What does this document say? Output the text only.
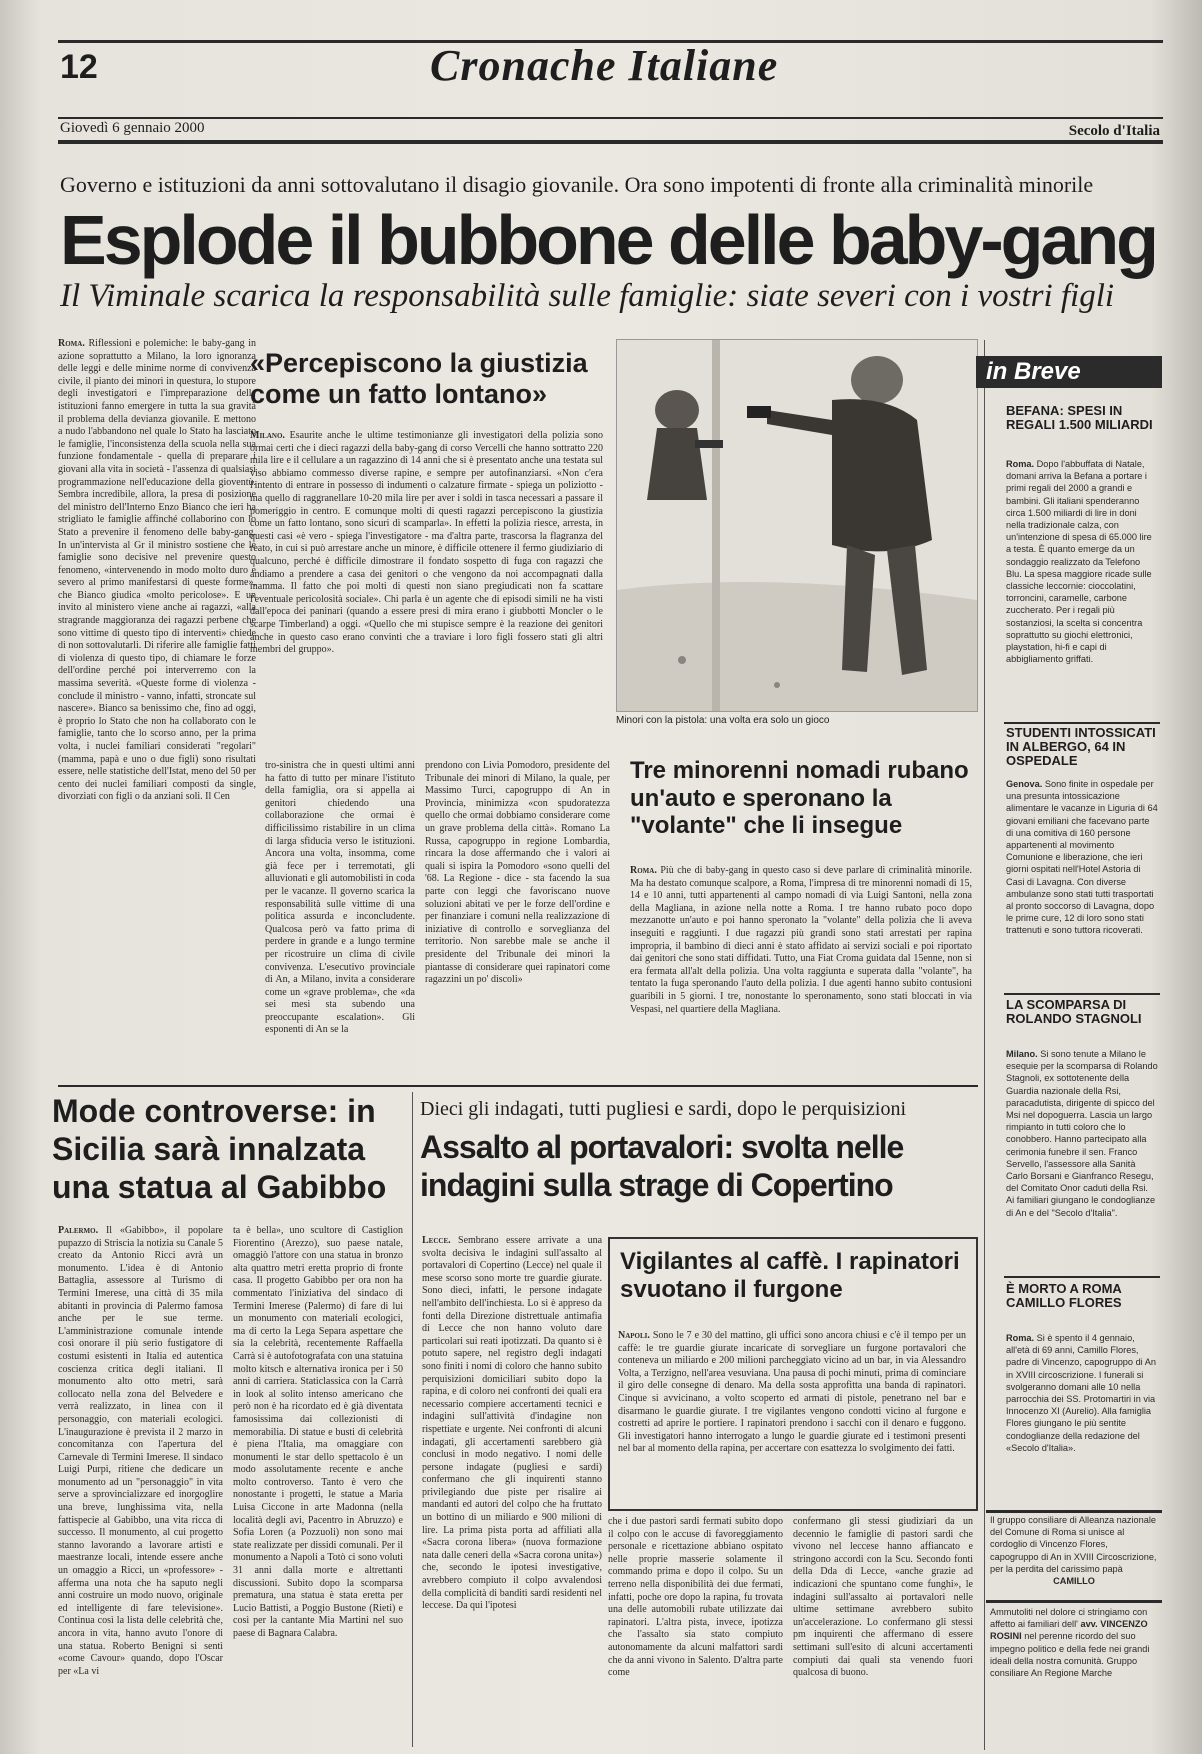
12	Cronache Italiane
Giovedì 6 gennaio 2000	Secolo d'Italia
Governo e istituzioni da anni sottovalutano il disagio giovanile. Ora sono impotenti di fronte alla criminalità minorile
Esplode il bubbone delle baby-gang
Il Viminale scarica la responsabilità sulle famiglie: siate severi con i vostri figli
Roma. Riflessioni e polemiche: le baby-gang in azione soprattutto a Milano, la loro ignoranza delle leggi e delle minime norme di convivenza civile, il pianto dei minori in questura, lo stupore degli investigatori e l'impreparazione delle istituzioni fanno emergere in tutta la sua gravità il problema della devianza giovanile. E mettono a nudo l'abbandono nel quale lo Stato ha lasciato le famiglie, l'inconsistenza della scuola nella sua funzione fondamentale - quella di preparare i giovani alla vita in società - l'assenza di qualsiasi programmazione nell'educazione della gioventù. Sembra incredibile, allora, la presa di posizione del ministro dell'Interno Enzo Bianco che ieri ha strigliato le famiglie affinché collaborino con lo Stato a prevenire il fenomeno delle baby-gang. In un'intervista al Gr il ministro sostiene che le famiglie sono decisive nel prevenire questo fenomeno, «intervenendo in modo molto duro e severo al primo manifestarsi di queste forme», che Bianco giudica «molto pericolose». E un invito al ministero viene anche ai ragazzi, «alla stragrande maggioranza dei ragazzi perbene che sono vittime di questo tipo di interventi» chiede di non sottovalutarli. Di riferire alle famiglie fatti di violenza di questo tipo, di chiamare le forze dell'ordine perché poi interverremo con la massima severità. «Queste forme di violenza - conclude il ministro - vanno, infatti, stroncate sul nascere». Bianco sa benissimo che, fino ad oggi, è proprio lo Stato che non ha collaborato con le famiglie, tanto che lo scorso anno, per la prima volta, i nuclei familiari considerati "regolari" (mamma, papà e uno o due figli) sono risultati essere, nelle statistiche dell'Istat, meno del 50 per cento dei nuclei familiari composti da single, divorziati con figli o da anziani soli. Il Cen
«Percepiscono la giustizia come un fatto lontano»
Milano. Esaurite anche le ultime testimonianze gli investigatori della polizia sono ormai certi che i dieci ragazzi della baby-gang di corso Vercelli che hanno sottratto 220 mila lire e il cellulare a un ragazzino di 14 anni che si è presentato anche una testata sul viso abbiamo commesso diverse rapine, e sempre per autofinanziarsi. «Non c'era l'intento di entrare in possesso di indumenti o calzature firmate - spiega un poliziotto - ma quello di raggranellare 10-20 mila lire per aver i soldi in tasca necessari a passare il pomeriggio in centro. E comunque molti di questi ragazzi percepiscono la giustizia come un fatto lontano, sono sicuri di scamparla». In effetti la polizia riesce, arresta, in questi casi «è vero - spiega l'investigatore - ma d'altra parte, trascorsa la flagranza del reato, in cui si può arrestare anche un minore, è difficile ottenere il fermo giudiziario di qualcuno, perché è difficile dimostrare il fondato sospetto di fuga con ragazzi che andiamo a prendere a casa dei genitori o che vengono da noi accompagnati dalla mamma. Il fatto che poi molti di questi non siano pregiudicati non fa scattare l'eventuale pericolosità sociale». Chi parla è un agente che di episodi simili ne ha visti dall'epoca dei paninari (quando a essere presi di mira erano i giubbotti Moncler o le scarpe Timberland) a oggi. «Quello che mi stupisce sempre è la reazione dei genitori anche in questo caso erano convinti che a traviare i loro figli fossero stati gli altri membri del gruppo».
Minori con la pistola: una volta era solo un gioco
tro-sinistra che in questi ultimi anni ha fatto di tutto per minare l'istituto della famiglia, ora si appella ai genitori chiedendo una collaborazione che ormai è difficilissimo ristabilire in un clima di larga sfiducia verso le istituzioni. Ancora una volta, insomma, come già fece per i terremotati, gli alluvionati e gli automobilisti in coda per le vacanze. Il governo scarica la responsabilità sulle vittime di una politica assurda e inconcludente. Qualcosa però va fatto prima di perdere in grande e a lungo termine per ricostruire un clima di civile convivenza. L'esecutivo provinciale di An, a Milano, invita a considerare come un «grave problema», che «da sei mesi sta subendo una preoccupante escalation». Gli esponenti di An se la
prendono con Livia Pomodoro, presidente del Tribunale dei minori di Milano, la quale, per Massimo Turci, capogruppo di An in Provincia, minimizza «con spudoratezza quello che ormai dobbiamo considerare come un grave problema della città». Romano La Russa, capogruppo in regione Lombardia, rincara la dose affermando che i valori ai quali si ispira la Pomodoro «sono quelli del '68. La Regione - dice - sta facendo la sua parte con leggi che favoriscano nuove soluzioni abitati ve per le forze dell'ordine e per finanziare i comuni nella realizzazione di iniziative di controllo e sorveglianza del territorio. Non sarebbe male se anche il presidente del Tribunale dei minori la piantasse di considerare quei rapinatori come ragazzini un po' discoli»
Tre minorenni nomadi rubano un'auto e speronano la "volante" che li insegue
Roma. Più che di baby-gang in questo caso si deve parlare di criminalità minorile. Ma ha destato comunque scalpore, a Roma, l'impresa di tre minorenni nomadi di 15, 14 e 10 anni, tutti appartenenti al campo nomadi di via Luigi Santoni, nella zona della Magliana, in azione nella notte a Roma. I tre hanno rubato poco dopo mezzanotte un'auto e poi hanno speronato la "volante" della polizia che li aveva inseguiti e raggiunti. I due ragazzi più grandi sono stati arrestati per rapina impropria, il bambino di dieci anni è stato affidato ai servizi sociali e poi riportato dai genitori che sono stati diffidati. Tutto, una Fiat Croma guidata dal 15enne, non si era fermata all'alt della polizia. Una volta raggiunta e superata dalla "volante", ha tentato la fuga speronando l'auto della polizia. I due agenti hanno subito contusioni guaribili in 5 giorni. I tre, nonostante lo speronamento, sono stati bloccati in via Vespasi, nel quartiere della Magliana.
in Breve
BEFANA: SPESI IN REGALI 1.500 MILIARDI
Roma. Dopo l'abbuffata di Natale, domani arriva la Befana a portare i primi regali del 2000 a grandi e bambini. Gli italiani spenderanno circa 1.500 miliardi di lire in doni nella tradizionale calza, con un'intenzione di spesa di 65.000 lire a testa. È quanto emerge da un sondaggio realizzato da Telefono Blu. La spesa maggiore ricade sulle classiche leccornie: cioccolatini, torroncini, caramelle, carbone zuccherato. Per i regali più sostanziosi, la scelta si concentra soprattutto su giochi elettronici, playstation, hi-fi e capi di abbigliamento griffati.
STUDENTI INTOSSICATI IN ALBERGO, 64 IN OSPEDALE
Genova. Sono finite in ospedale per una presunta intossicazione alimentare le vacanze in Liguria di 64 giovani emiliani che facevano parte di una comitiva di 160 persone appartenenti al movimento Comunione e liberazione, che ieri giorni ospitati nell'Hotel Astoria di Casi di Lavagna. Con diverse ambulanze sono stati tutti trasportati al pronto soccorso di Lavagna, dopo le prime cure, 12 di loro sono stati trattenuti e sono tuttora ricoverati.
LA SCOMPARSA DI ROLANDO STAGNOLI
Milano. Si sono tenute a Milano le esequie per la scomparsa di Rolando Stagnoli, ex sottotenente della Guardia nazionale della Rsi, paracadutista, dirigente di spicco del Msi nel dopoguerra. Lascia un largo rimpianto in tutti coloro che lo conobbero. Hanno partecipato alla cerimonia funebre il sen. Franco Servello, l'assessore alla Sanità Carlo Borsani e Gianfranco Resegu, del Comitato Onor caduti della Rsi. Ai familiari giungano le condoglianze di An e del "Secolo d'Italia".
È MORTO A ROMA CAMILLO FLORES
Roma. Si è spento il 4 gennaio, all'età di 69 anni, Camillo Flores, padre di Vincenzo, capogruppo di An in XVIII circoscrizione. I funerali si svolgeranno domani alle 10 nella parrocchia dei SS. Protomartiri in via Innocenzo XI (Aurelio). Alla famiglia Flores giungano le più sentite condoglianze della redazione del «Secolo d'Italia».
Il gruppo consiliare di Alleanza nazionale del Comune di Roma si unisce al cordoglio di Vincenzo Flores, capogruppo di An in XVIII Circoscrizione, per la perdita del carissimo papà
CAMILLO
Ammutoliti nel dolore ci stringiamo con affetto ai familiari dell' avv. VINCENZO ROSINI nel perenne ricordo del suo impegno politico e della fede nei grandi ideali della nostra comunità. Gruppo consiliare An Regione Marche
Mode controverse: in Sicilia sarà innalzata una statua al Gabibbo
Palermo. Il «Gabibbo», il popolare pupazzo di Striscia la notizia su Canale 5 creato da Antonio Ricci avrà un monumento. L'idea è di Antonio Battaglia, assessore al Turismo di Termini Imerese, una città di 35 mila abitanti in provincia di Palermo famosa anche per le sue terme. L'amministrazione comunale intende così onorare il più serio fustigatore di costumi esistenti in Italia ed autentica coscienza critica degli italiani. Il monumento alto otto metri, sarà collocato nella zona del Belvedere e verrà realizzato, in linea con il personaggio, con materiali ecologici. L'inaugurazione è prevista il 2 marzo in concomitanza con l'apertura del Carnevale di Termini Imerese. Il sindaco Luigi Purpi, ritiene che dedicare un monumento ad un "personaggio" in vita serve a sprovincializzare ed inorgoglire una breve, lunghissima vita, nella fattispecie al Gabibbo, una vita ricca di successo. Il monumento, al cui progetto stanno lavorando a lavorare artisti e maestranze locali, intende essere anche un omaggio a Ricci, un «professore» - afferma una nota che ha saputo negli anni costruire un modo nuovo, originale ed intelligente di fare televisione». Continua così la lista delle celebrità che, ancora in vita, hanno avuto l'onore di una statua. Roberto Benigni si sentì «come Cavour» quando, dopo l'Oscar per «La vi
ta è bella», uno scultore di Castiglion Fiorentino (Arezzo), suo paese natale, omaggiò l'attore con una statua in bronzo alta quattro metri eretta proprio di fronte casa. Il progetto Gabibbo per ora non ha commentato l'iniziativa del sindaco di Termini Imerese (Palermo) di fare di lui un monumento con materiali ecologici, ma di certo la Lega Separa aspettare che sia la celebrità, recentemente Raffaella Carrà si è autofotografata con una statuina molto kitsch e alternativa ironica per i 50 anni di carriera. Staticlassica con la Carrà in look al solito intenso americano che però non è ha ricordato ed è già diventata famosissima dai collezionisti di memorabilia. Di statue e busti di celebrità è piena l'Italia, ma omaggiare con monumenti le star dello spettacolo è un modo assolutamente recente e anche molto controverso. Tanto è vero che nonostante i progetti, le statue a Maria Luisa Ciccone in arte Madonna (nella località degli avi, Pacentro in Abruzzo) e Sofia Loren (a Pozzuoli) non sono mai state realizzate per dissidi comunali. Per il monumento a Napoli a Totò ci sono voluti 31 anni dalla morte e altrettanti discussioni. Subito dopo la scomparsa prematura, una statua è stata eretta per Lucio Battisti, a Poggio Bustone (Rieti) e così per la cantante Mia Martini nel suo paese di Bagnara Calabra.
Dieci gli indagati, tutti pugliesi e sardi, dopo le perquisizioni
Assalto al portavalori: svolta nelle indagini sulla strage di Copertino
Lecce. Sembrano essere arrivate a una svolta decisiva le indagini sull'assalto al portavalori di Copertino (Lecce) nel quale il mese scorso sono morte tre guardie giurate. Sono dieci, infatti, le persone indagate nell'ambito dell'inchiesta. Lo si è appreso da fonti della Direzione distrettuale antimafia di Lecce che non hanno voluto dare particolari sui reati ipotizzati. Da quanto si è potuto sapere, nel registro degli indagati sono finiti i nomi di coloro che hanno subito perquisizioni domiciliari subito dopo la rapina, e di coloro nei confronti dei quali era necessario compiere accertamenti tecnici e indagini sull'attività d'indagine non rispettiate e urgente. Nei confronti di alcuni indagati, gli accertamenti sarebbero già conclusi in modo negativo. I nomi delle persone indagate (pugliesi e sardi) confermano che gli inquirenti stanno privilegiando due piste per risalire ai mandanti ed autori del colpo che ha fruttato un bottino di un miliardo e 900 milioni di lire. La prima pista porta ad affiliati alla «Sacra corona libera» (nuova formazione nata dalle ceneri della «Sacra corona unita») che, secondo le ipotesi investigative, avrebbero compiuto il colpo avvalendosi della complicità di banditi sardi residenti nel leccese. Da qui l'ipotesi
Vigilantes al caffè. I rapinatori svuotano il furgone
Napoli. Sono le 7 e 30 del mattino, gli uffici sono ancora chiusi e c'è il tempo per un caffè: le tre guardie giurate incaricate di sorvegliare un furgone portavalori che conteneva un miliardo e 200 milioni parcheggiato vicino ad un bar, in via Alessandro Volta, a Terzigno, nell'area vesuviana. Una pausa di pochi minuti, prima di cominciare il giro delle consegne di denaro. Ma della sosta approfitta una banda di rapinatori. Cinque si avvicinano, a volto scoperto ed armati di pistole, penetrano nel bar e disarmano le guardie giurate. I tre vigilantes vengono condotti vicino al furgone e costretti ad aprire le portiere. I rapinatori prendono i sacchi con il denaro e fuggono. Gli investigatori hanno interrogato a lungo le guardie giurate ed i testimoni presenti nel bar al momento della rapina, per accertare con esattezza lo svolgimento dei fatti.
che i due pastori sardi fermati subito dopo il colpo con le accuse di favoreggiamento personale e ricettazione abbiano ospitato nelle proprie masserie solamente il commando prima e dopo il colpo. Su un terreno nella disponibilità dei due fermati, infatti, poche ore dopo la rapina, fu trovata una delle automobili rubate utilizzate dai rapinatori. L'altra pista, invece, ipotizza che l'assalto sia stato compiuto autonomamente da alcuni malfattori sardi che da anni vivono in Salento. D'altra parte come
confermano gli stessi giudiziari da un decennio le famiglie di pastori sardi che vivono nel leccese hanno affiancato e stringono accordi con la Scu. Secondo fonti della Dda di Lecce, «anche grazie ad indicazioni che spuntano come funghi», le indagini sull'assalto ai portavalori nelle ultime settimane avrebbero subito un'accelerazione. Lo confermano gli stessi pm inquirenti che affermano di essere settimani sull'esito di alcuni accertamenti compiuti dai quali sta venendo fuori qualcosa di buono.
